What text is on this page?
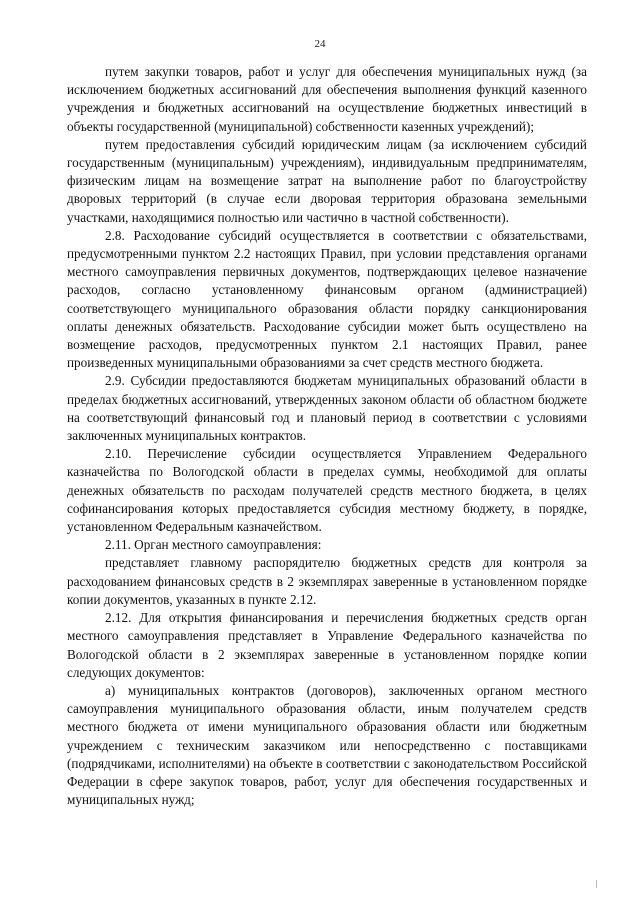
24

путем закупки товаров, работ и услуг для обеспечения муниципальных нужд (за исключением бюджетных ассигнований для обеспечения выполнения функций казенного учреждения и бюджетных ассигнований на осуществление бюджетных инвестиций в объекты государственной (муниципальной) собственности казенных учреждений);

путем предоставления субсидий юридическим лицам (за исключением субсидий государственным (муниципальным) учреждениям), индивидуальным предпринимателям, физическим лицам на возмещение затрат на выполнение работ по благоустройству дворовых территорий (в случае если дворовая территория образована земельными участками, находящимися полностью или частично в частной собственности).

2.8. Расходование субсидий осуществляется в соответствии с обязательствами, предусмотренными пунктом 2.2 настоящих Правил, при условии представления органами местного самоуправления первичных документов, подтверждающих целевое назначение расходов, согласно установленному финансовым органом (администрацией) соответствующего муниципального образования области порядку санкционирования оплаты денежных обязательств. Расходование субсидии может быть осуществлено на возмещение расходов, предусмотренных пунктом 2.1 настоящих Правил, ранее произведенных муниципальными образованиями за счет средств местного бюджета.

2.9. Субсидии предоставляются бюджетам муниципальных образований области в пределах бюджетных ассигнований, утвержденных законом области об областном бюджете на соответствующий финансовый год и плановый период в соответствии с условиями заключенных муниципальных контрактов.

2.10. Перечисление субсидии осуществляется Управлением Федерального казначейства по Вологодской области в пределах суммы, необходимой для оплаты денежных обязательств по расходам получателей средств местного бюджета, в целях софинансирования которых предоставляется субсидия местному бюджету, в порядке, установленном Федеральным казначейством.

2.11. Орган местного самоуправления:

представляет главному распорядителю бюджетных средств для контроля за расходованием финансовых средств в 2 экземплярах заверенные в установленном порядке копии документов, указанных в пункте 2.12.

2.12. Для открытия финансирования и перечисления бюджетных средств орган местного самоуправления представляет в Управление Федерального казначейства по Вологодской области в 2 экземплярах заверенные в установленном порядке копии следующих документов:

а) муниципальных контрактов (договоров), заключенных органом местного самоуправления муниципального образования области, иным получателем средств местного бюджета от имени муниципального образования области или бюджетным учреждением с техническим заказчиком или непосредственно с поставщиками (подрядчиками, исполнителями) на объекте в соответствии с законодательством Российской Федерации в сфере закупок товаров, работ, услуг для обеспечения государственных и муниципальных нужд;
